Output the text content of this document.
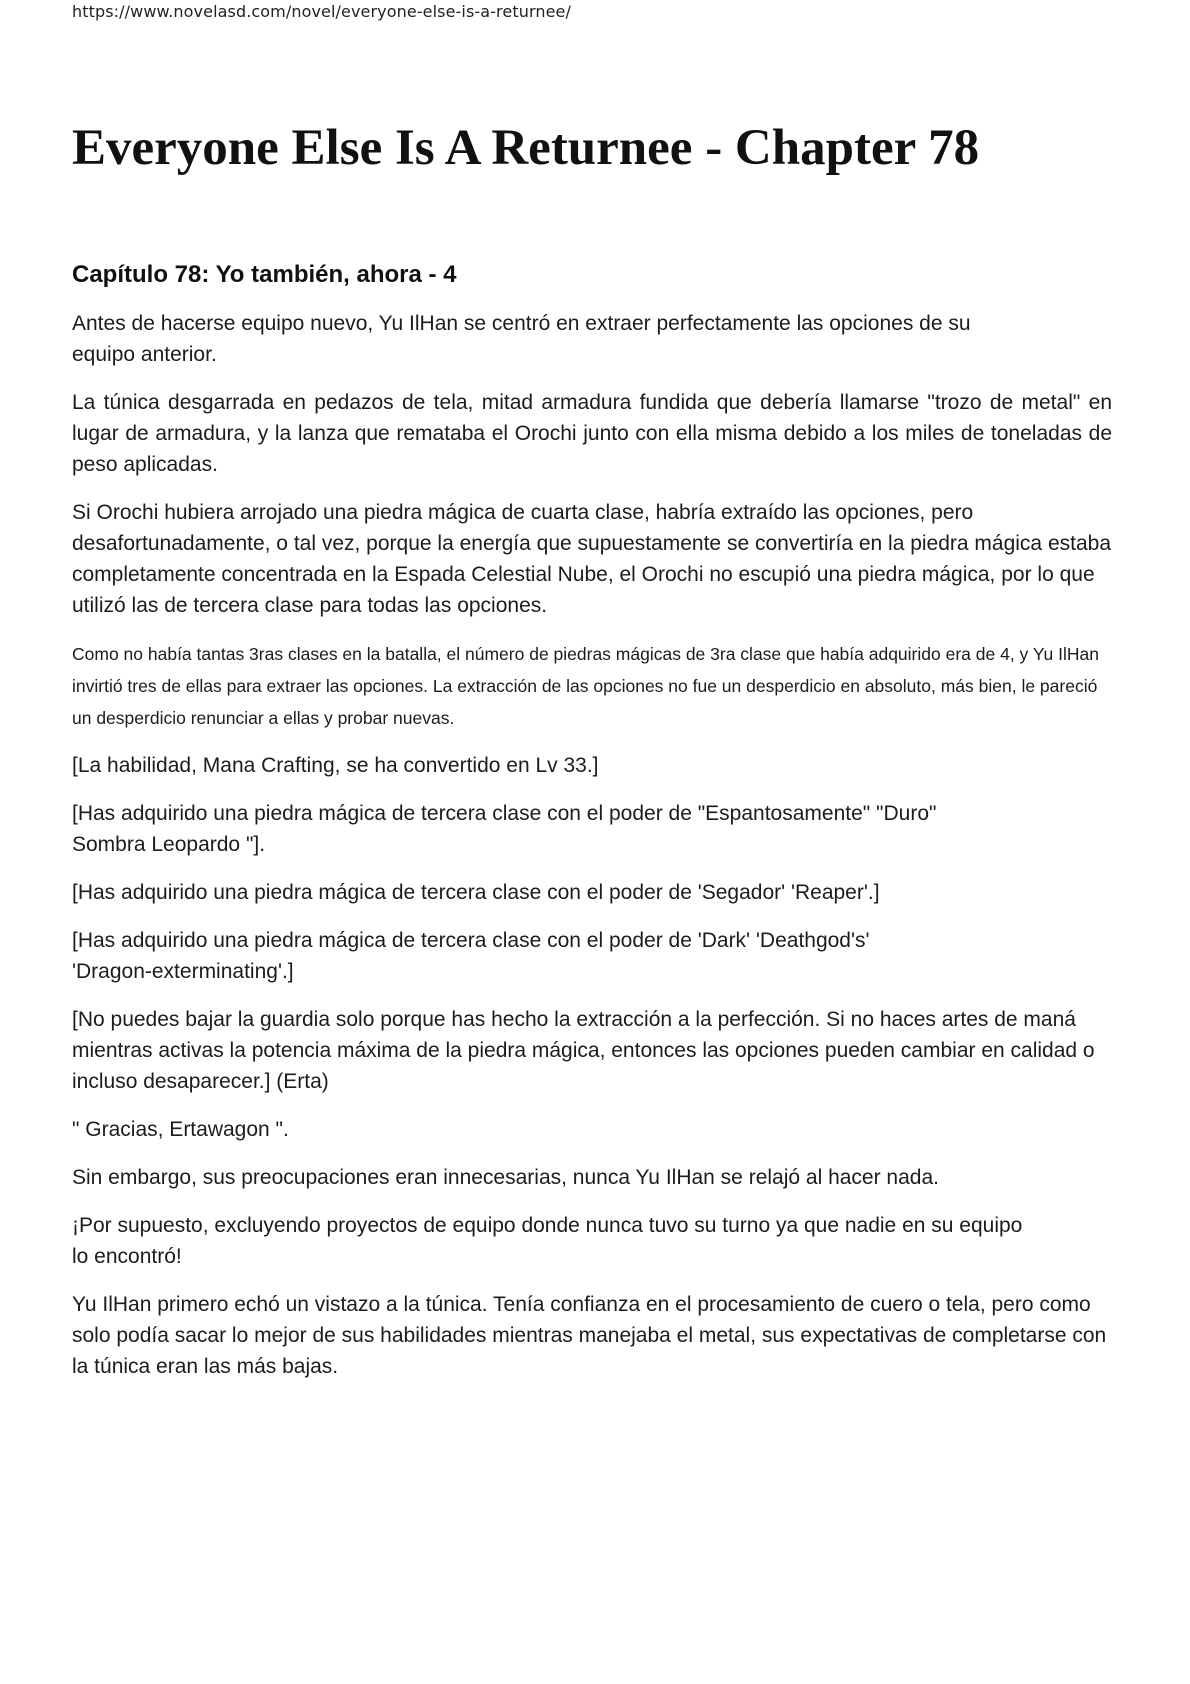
https://www.novelasd.com/novel/everyone-else-is-a-returnee/
Everyone Else Is A Returnee - Chapter 78
Capítulo 78: Yo también, ahora - 4

Antes de hacerse equipo nuevo, Yu IlHan se centró en extraer perfectamente las opciones de su equipo anterior.

La túnica desgarrada en pedazos de tela, mitad armadura fundida que debería llamarse "trozo de metal" en lugar de armadura, y la lanza que remataba el Orochi junto con ella misma debido a los miles de toneladas de peso aplicadas.

Si Orochi hubiera arrojado una piedra mágica de cuarta clase, habría extraído las opciones, pero desafortunadamente, o tal vez, porque la energía que supuestamente se convertiría en la piedra mágica estaba completamente concentrada en la Espada Celestial Nube, el Orochi no escupió una piedra mágica, por lo que utilizó las de tercera clase para todas las opciones.

Como no había tantas 3ras clases en la batalla, el número de piedras mágicas de 3ra clase que había adquirido era de 4, y Yu IlHan invirtió tres de ellas para extraer las opciones. La extracción de las opciones no fue un desperdicio en absoluto, más bien, le pareció un desperdicio renunciar a ellas y probar nuevas.

[La habilidad, Mana Crafting, se ha convertido en Lv 33.]

[Has adquirido una piedra mágica de tercera clase con el poder de "Espantosamente" "Duro" Sombra Leopardo "].

[Has adquirido una piedra mágica de tercera clase con el poder de 'Segador' 'Reaper'.]

[Has adquirido una piedra mágica de tercera clase con el poder de 'Dark' 'Deathgod's' 'Dragon-exterminating'.]

[No puedes bajar la guardia solo porque has hecho la extracción a la perfección. Si no haces artes de maná mientras activas la potencia máxima de la piedra mágica, entonces las opciones pueden cambiar en calidad o incluso desaparecer.] (Erta)

" Gracias, Ertawagon ".

Sin embargo, sus preocupaciones eran innecesarias, nunca Yu IlHan se relajó al hacer nada.

¡Por supuesto, excluyendo proyectos de equipo donde nunca tuvo su turno ya que nadie en su equipo lo encontró!

Yu IlHan primero echó un vistazo a la túnica. Tenía confianza en el procesamiento de cuero o tela, pero como solo podía sacar lo mejor de sus habilidades mientras manejaba el metal, sus expectativas de completarse con la túnica eran las más bajas.
